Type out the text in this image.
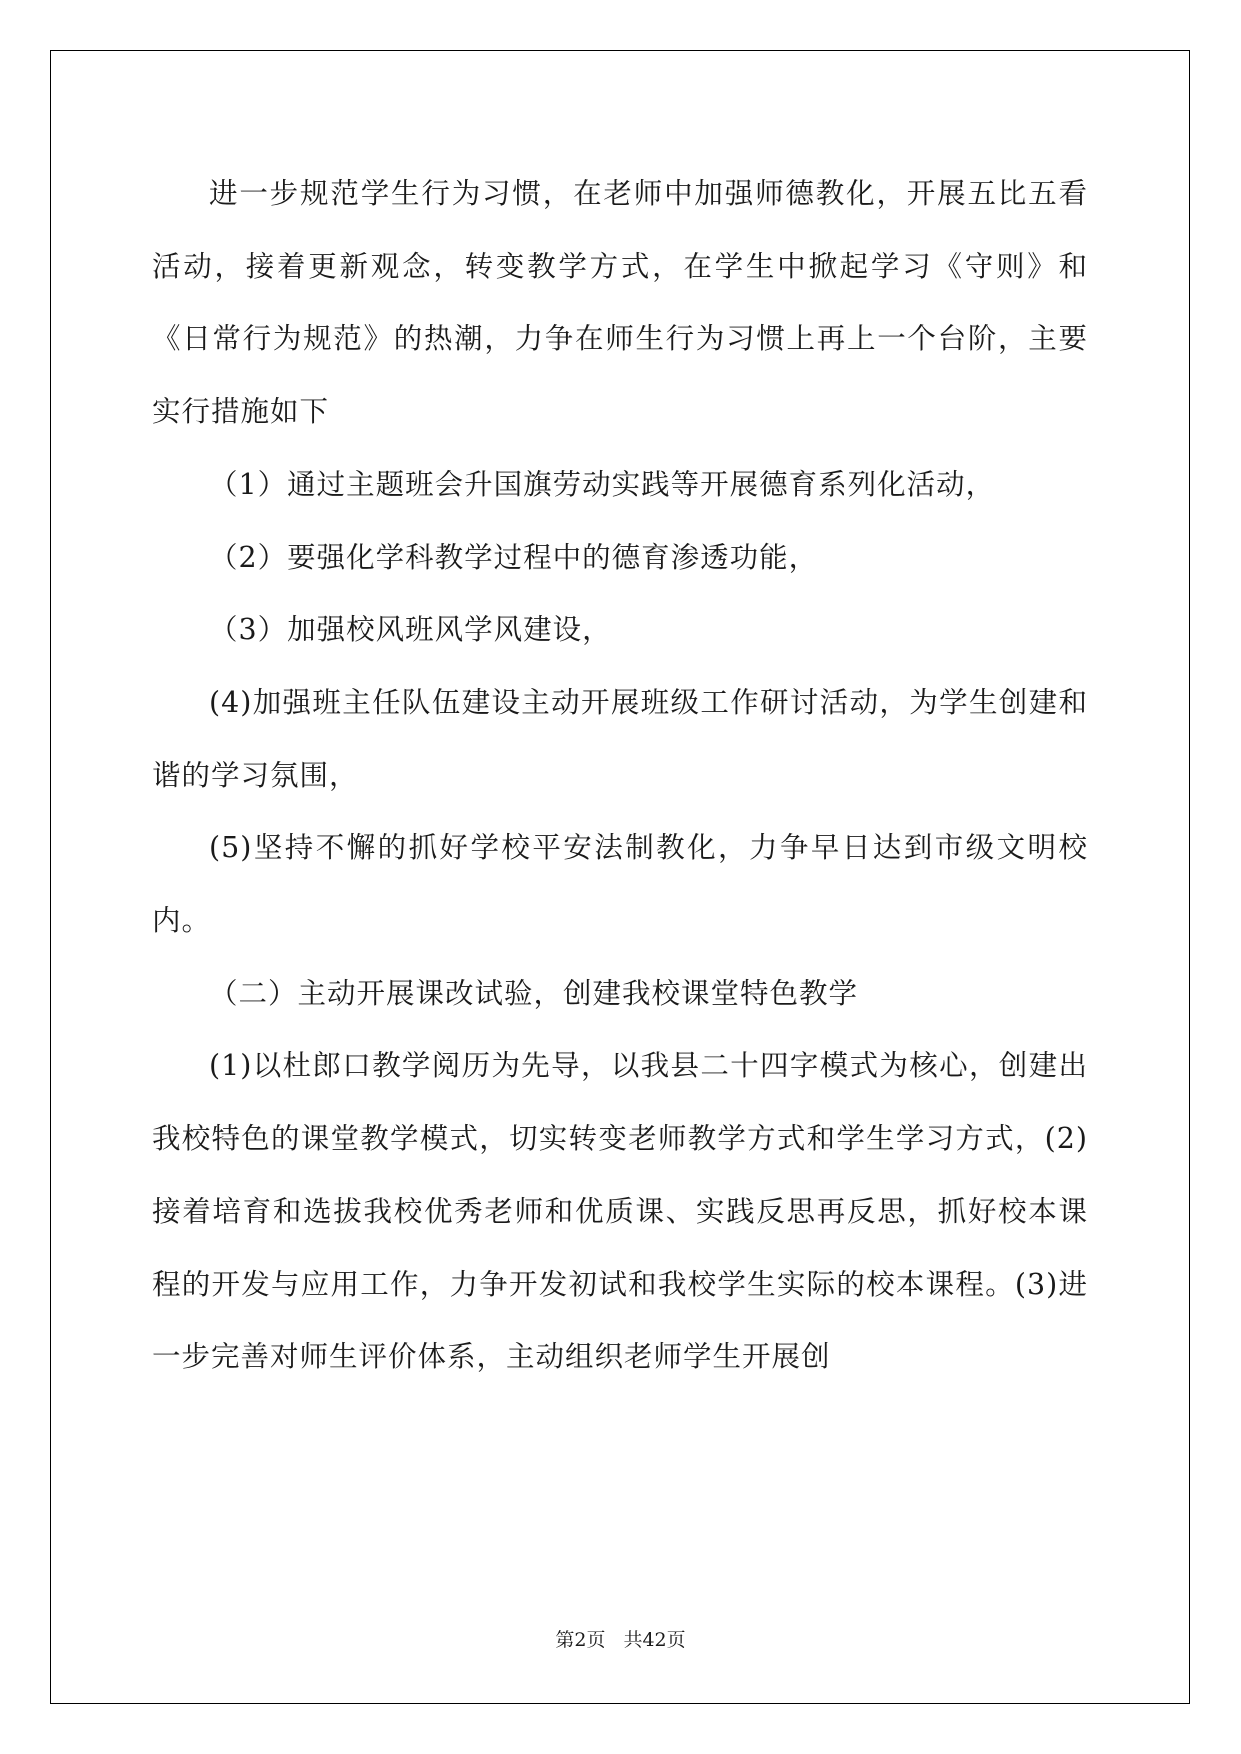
进一步规范学生行为习惯，在老师中加强师德教化，开展五比五看活动，接着更新观念，转变教学方式，在学生中掀起学习《守则》和《日常行为规范》的热潮，力争在师生行为习惯上再上一个台阶，主要实行措施如下

（1）通过主题班会升国旗劳动实践等开展德育系列化活动，

（2）要强化学科教学过程中的德育渗透功能，

（3）加强校风班风学风建设，

(4)加强班主任队伍建设主动开展班级工作研讨活动，为学生创建和谐的学习氛围，

(5)坚持不懈的抓好学校平安法制教化，力争早日达到市级文明校内。

（二）主动开展课改试验，创建我校课堂特色教学

(1)以杜郎口教学阅历为先导，以我县二十四字模式为核心，创建出我校特色的课堂教学模式，切实转变老师教学方式和学生学习方式，(2)接着培育和选拔我校优秀老师和优质课、实践反思再反思，抓好校本课程的开发与应用工作，力争开发初试和我校学生实际的校本课程。(3)进一步完善对师生评价体系，主动组织老师学生开展创

第2页 共42页
